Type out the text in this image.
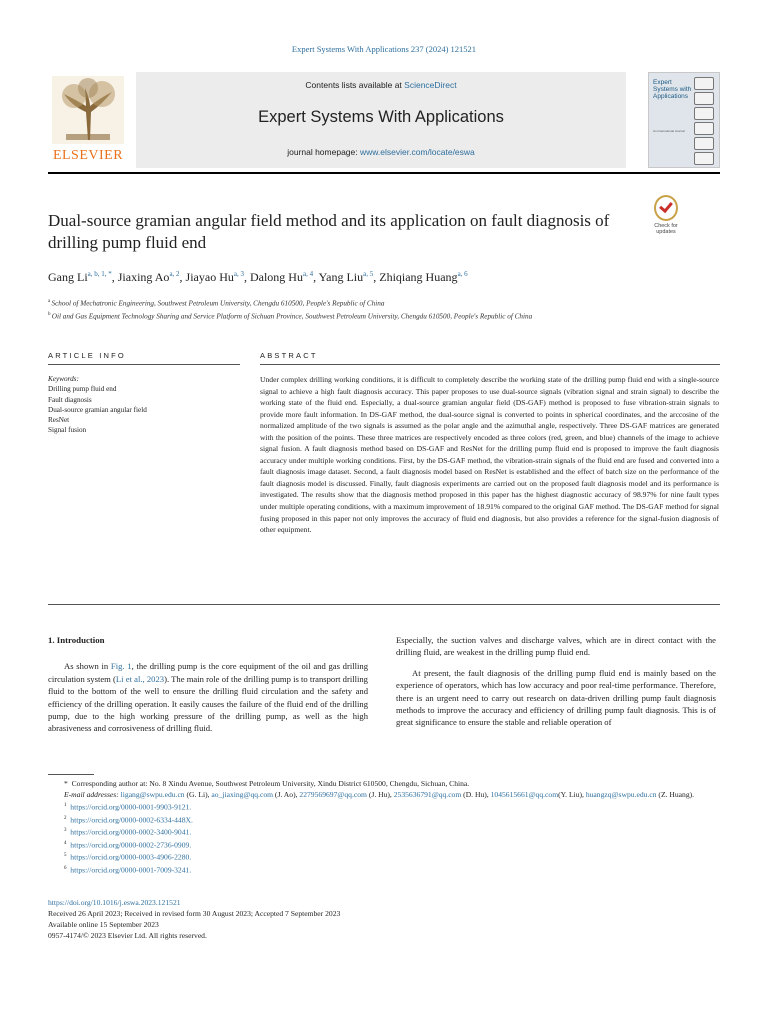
Expert Systems With Applications 237 (2024) 121521
ELSEVIER
Contents lists available at ScienceDirect
Expert Systems With Applications
journal homepage: www.elsevier.com/locate/eswa
Expert Systems with Applications
An International Journal
Dual-source gramian angular field method and its application on fault diagnosis of drilling pump fluid end
Check for updates
Gang $Li^{a, b, 1, *}$, Jiaxing Ao$^{a, 2}$, Jiayao Hu$^{a, 3}$, Dalong Hu$^{a, 4}$, Yang Liu$^{a, 5}$, Zhiqiang Huang$^{a, 6}$
$^a$ School of Mechatronic Engineering, Southwest Petroleum University, Chengdu 610500, People's Republic of China
$^b$ Oil and Gas Equipment Technology Sharing and Service Platform of Sichuan Province, Southwest Petroleum University, Chengdu 610500, People's Republic of China
ARTICLE INFO	ABSTRACT
Keywords:
Drilling pump fluid end
Fault diagnosis
Dual-source gramian angular field
ResNet
Signal fusion
Under complex drilling working conditions, it is difficult to completely describe the working state of the drilling pump fluid end with a single-source signal to achieve a high fault diagnosis accuracy. This paper proposes to use dual-source signals (vibration signal and strain signal) to describe the working state of the fluid end. Especially, a dual-source gramian angular field (DS-GAF) method is proposed to fuse vibration-strain signals to provide more fault information. In DS-GAF method, the dual-source signal is converted to points in spherical coordinates, and the arccosine of the normalized amplitude of the two signals is assumed as the polar angle and the azimuthal angle, respectively. Three DS-GAF matrices are generated with the position of the points. These three matrices are respectively encoded as three colors (red, green, and blue) channels of the image to achieve signal fusion. A fault diagnosis method based on DS-GAF and ResNet for the drilling pump fluid end is proposed to improve the fault diagnosis accuracy under multiple working conditions. First, by the DS-GAF method, the vibration-strain signals of the fluid end are fused and converted into a fault diagnosis image dataset. Second, a fault diagnosis model based on ResNet is established and the effect of batch size on the performance of the fault diagnosis model is discussed. Finally, fault diagnosis experiments are carried out on the proposed fault diagnosis model and its performance is investigated. The results show that the diagnosis method proposed in this paper has the highest diagnostic accuracy of 98.97% for nine fault types under multiple operating conditions, with a maximum improvement of 18.91% compared to the original GAF method. The DS-GAF method for signal fusing proposed in this paper not only improves the accuracy of fluid end diagnosis, but also provides a reference for the signal-fusion diagnosis of other equipment.
1. Introduction

As shown in Fig. 1, the drilling pump is the core equipment of the oil and gas drilling circulation system (Li et al., 2023). The main role of the drilling pump is to transport drilling fluid to the bottom of the well to ensure the drilling fluid circulation and the safety and efficiency of the drilling operation. It easily causes the failure of the fluid end of the drilling pump, due to the high working pressure of the drilling pump, as well as the high abrasiveness and corrosiveness of drilling fluid.

Especially, the suction valves and discharge valves, which are in direct contact with the drilling fluid, are weakest in the drilling pump fluid end.

At present, the fault diagnosis of the drilling pump fluid end is mainly based on the experience of operators, which has low accuracy and poor real-time performance. Therefore, there is an urgent need to carry out research on data-driven drilling pump fault diagnosis methods to improve the accuracy and efficiency of drilling pump fault diagnosis. This is of great significance to ensure the stable and reliable operation of

*  Corresponding author at: No. 8 Xindu Avenue, Southwest Petroleum University, Xindu District 610500, Chengdu, Sichuan, China.

E-mail addresses: ligang@swpu.edu.cn (G. Li), ao_jiaxing@qq.com (J. Ao), 2279569697@qq.com (J. Hu), 2535636791@qq.com (D. Hu), 1045615661@qq.com(Y. Liu), huangzq@swpu.edu.cn (Z. Huang).

$^1$ https://orcid.org/0000-0001-9903-9121.

$^2$ https://orcid.org/0000-0002-6334-448X.

$^3$ https://orcid.org/0000-0002-3400-9041.

$^4$ https://orcid.org/0000-0002-2736-0909.

$^5$ https://orcid.org/0000-0003-4906-2280.

$^6$ https://orcid.org/0000-0001-7009-3241.

https://doi.org/10.1016/j.eswa.2023.121521
Received 26 April 2023; Received in revised form 30 August 2023; Accepted 7 September 2023
Available online 15 September 2023
0957-4174/© 2023 Elsevier Ltd. All rights reserved.
